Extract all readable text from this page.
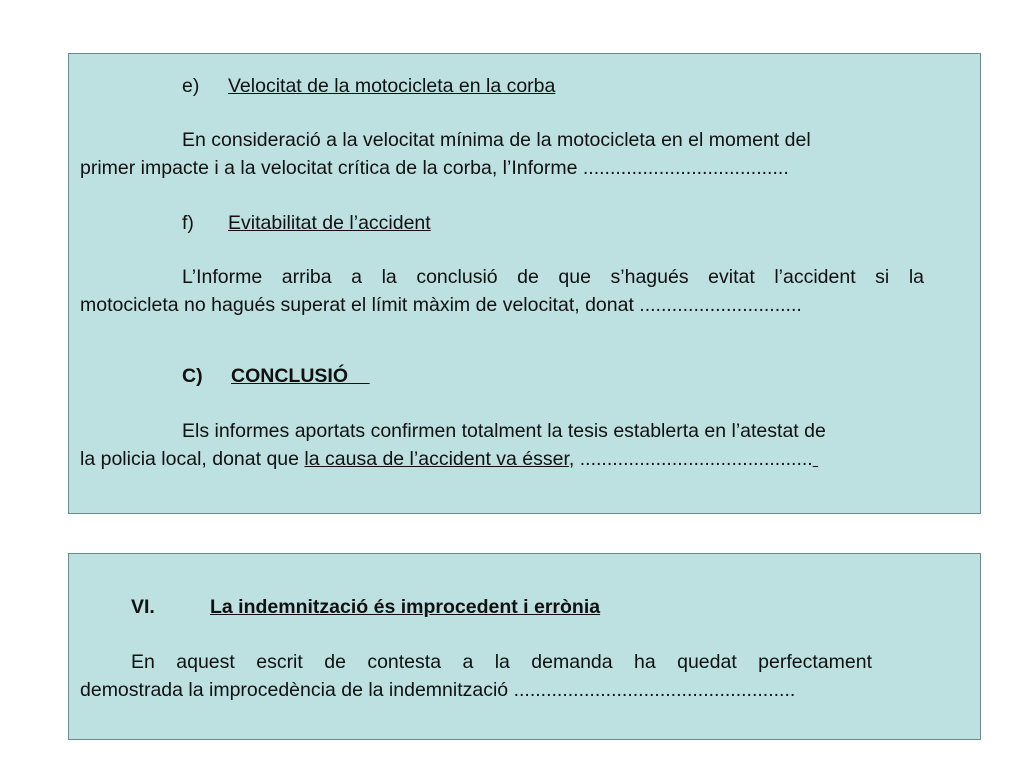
e) Velocitat de la motocicleta en la corba
En consideració a la velocitat mínima de la motocicleta en el moment del
primer impacte i a la velocitat crítica de la corba, l’Informe ......................................
f) Evitabilitat de l’accident
L’Informe arriba a la conclusió de que s’hagués evitat l’accident si la
motocicleta no hagués superat el límit màxim de velocitat, donat ..............................
C) CONCLUSIÓ
Els informes aportats confirmen totalment la tesis establerta en l’atestat de
la policia local, donat que la causa de l’accident va ésser, ...........................................
VI.	La indemnització és improcedent i errònia
En aquest escrit de contesta a la demanda ha quedat perfectament
demostrada la improcedència de la indemnització ....................................................
